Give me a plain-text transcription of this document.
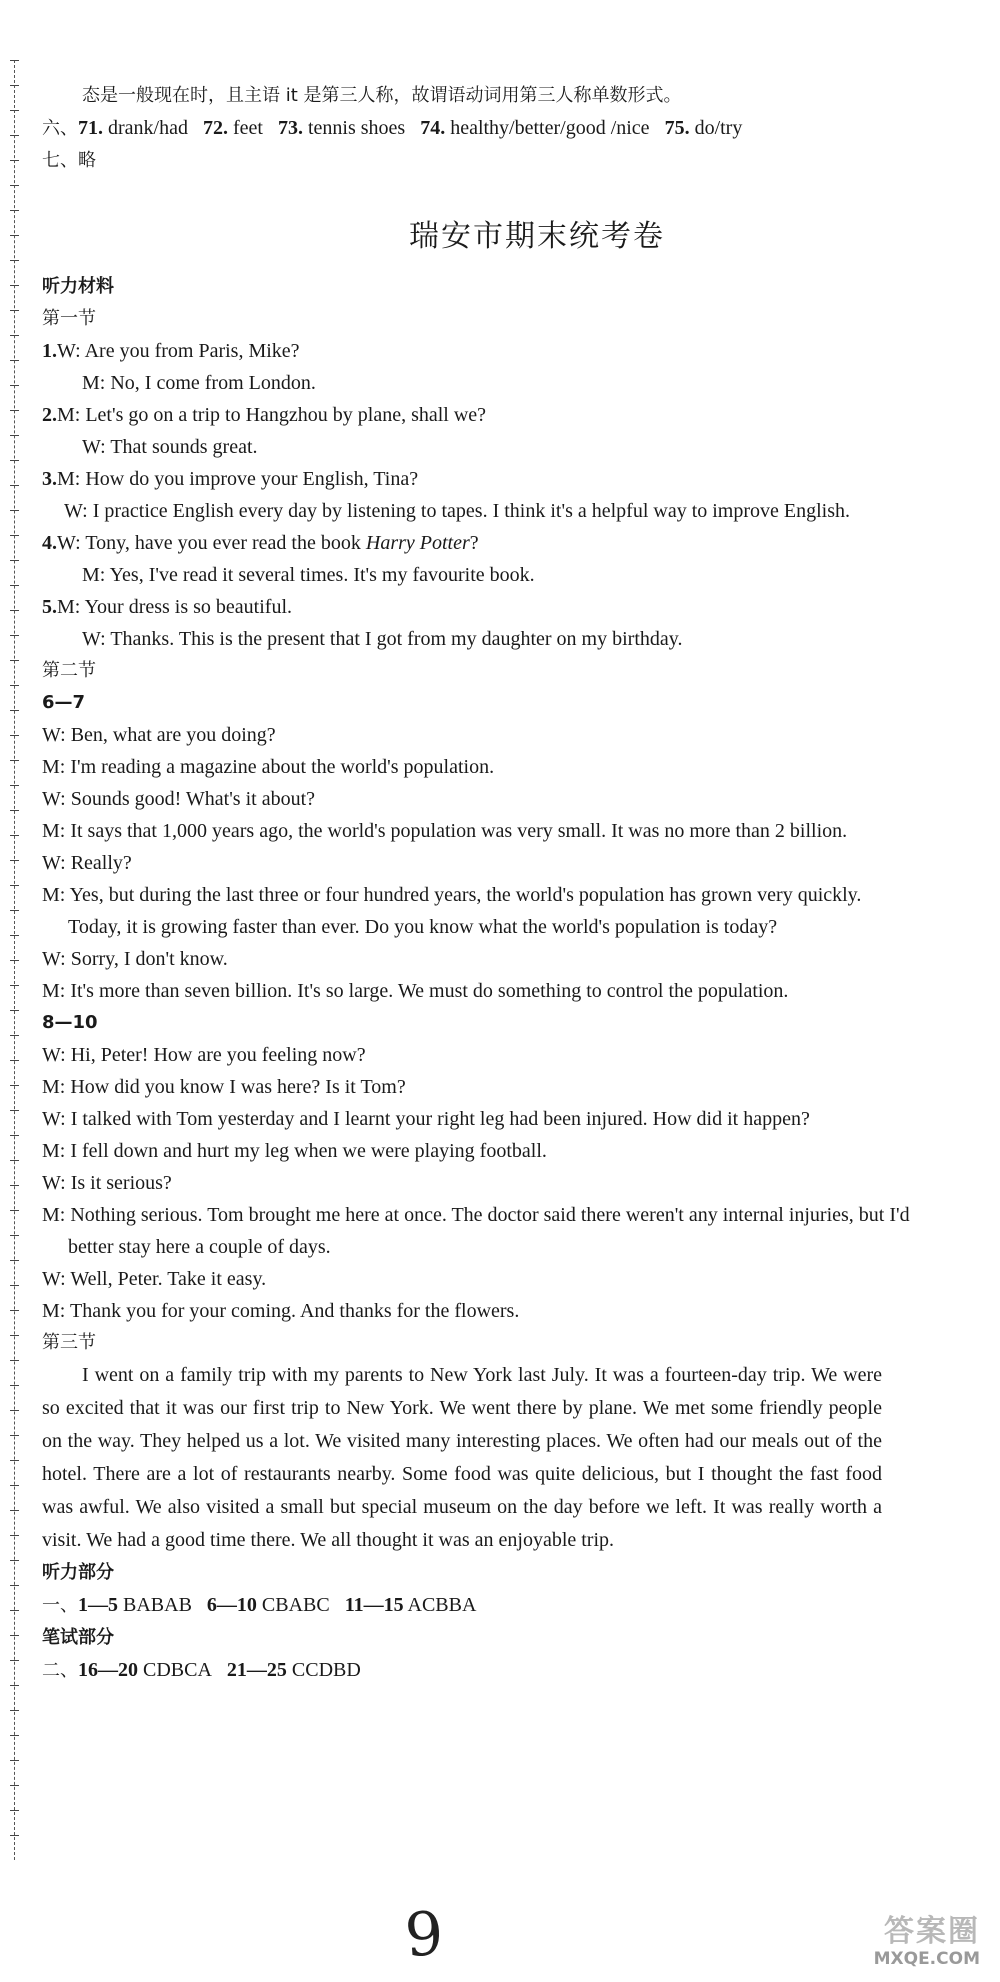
态是一般现在时，且主语 it 是第三人称，故谓语动词用第三人称单数形式。
六、71. drank/had 72. feet 73. tennis shoes 74. healthy/better/good /nice 75. do/try
七、略
瑞安市期末统考卷
听力材料
第一节
1.W: Are you from Paris, Mike?
M: No, I come from London.
2.M: Let's go on a trip to Hangzhou by plane, shall we?
W: That sounds great.
3.M: How do you improve your English, Tina?
W: I practice English every day by listening to tapes. I think it's a helpful way to improve English.
4.W: Tony, have you ever read the book Harry Potter?
M: Yes, I've read it several times. It's my favourite book.
5.M: Your dress is so beautiful.
W: Thanks. This is the present that I got from my daughter on my birthday.
第二节
6—7
W: Ben, what are you doing?
M: I'm reading a magazine about the world's population.
W: Sounds good! What's it about?
M: It says that 1,000 years ago, the world's population was very small. It was no more than 2 billion.
W: Really?
M: Yes, but during the last three or four hundred years, the world's population has grown very quickly. Today, it is growing faster than ever. Do you know what the world's population is today?
W: Sorry, I don't know.
M: It's more than seven billion. It's so large. We must do something to control the population.
8—10
W: Hi, Peter! How are you feeling now?
M: How did you know I was here? Is it Tom?
W: I talked with Tom yesterday and I learnt your right leg had been injured. How did it happen?
M: I fell down and hurt my leg when we were playing football.
W: Is it serious?
M: Nothing serious. Tom brought me here at once. The doctor said there weren't any internal injuries, but I'd better stay here a couple of days.
W: Well, Peter. Take it easy.
M: Thank you for your coming. And thanks for the flowers.
第三节
I went on a family trip with my parents to New York last July. It was a fourteen-day trip. We were so excited that it was our first trip to New York. We went there by plane. We met some friendly people on the way. They helped us a lot. We visited many interesting places. We often had our meals out of the hotel. There are a lot of restaurants nearby. Some food was quite delicious, but I thought the fast food was awful. We also visited a small but special museum on the day before we left. It was really worth a visit. We had a good time there. We all thought it was an enjoyable trip.
听力部分
一、1—5 BABAB 6—10 CBABC 11—15 ACBBA
笔试部分
二、16—20 CDBCA 21—25 CCDBD
9	答案圈
MXQE.COM
